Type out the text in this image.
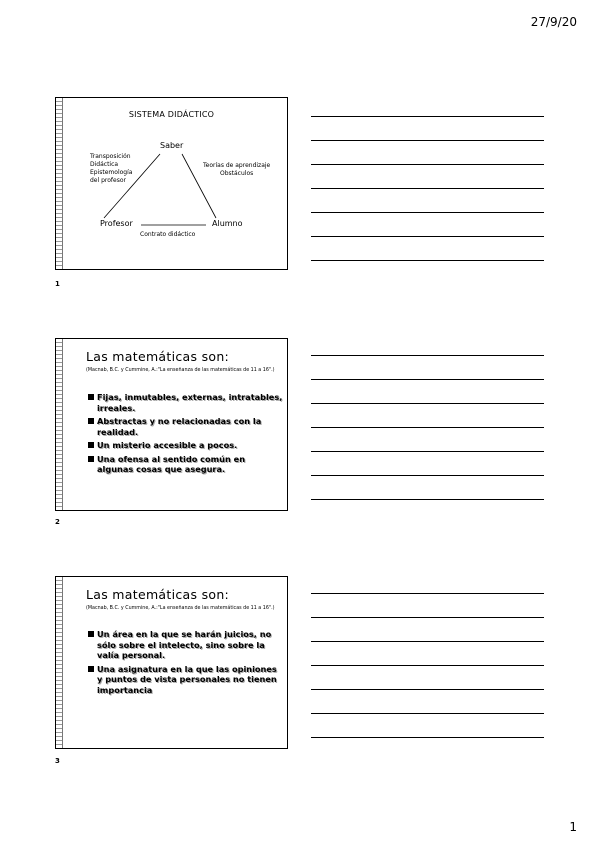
27/9/20
SISTEMA DIDÁCTICO
Saber
Profesor	Alumno
Transposición
Didáctica
Epistemología
del profesor
Teorías de aprendizaje
Obstáculos
Contrato didáctico
1
Las matemáticas son:
(Macnab, B.C. y Cummine, A.:"La enseñanza de las matemáticas de 11 a 16".)
Fijas, inmutables, externas, intratables, irreales.
Abstractas y no relacionadas con la realidad.
Un misterio accesible a pocos.
Una ofensa al sentido común en algunas cosas que asegura.
2
Las matemáticas son:
(Macnab, B.C. y Cummine, A.:"La enseñanza de las matemáticas de 11 a 16".)
Un área en la que se harán juicios, no sólo sobre el intelecto, sino sobre la valía personal.
Una asignatura en la que las opiniones y puntos de vista personales no tienen importancia
3
1
